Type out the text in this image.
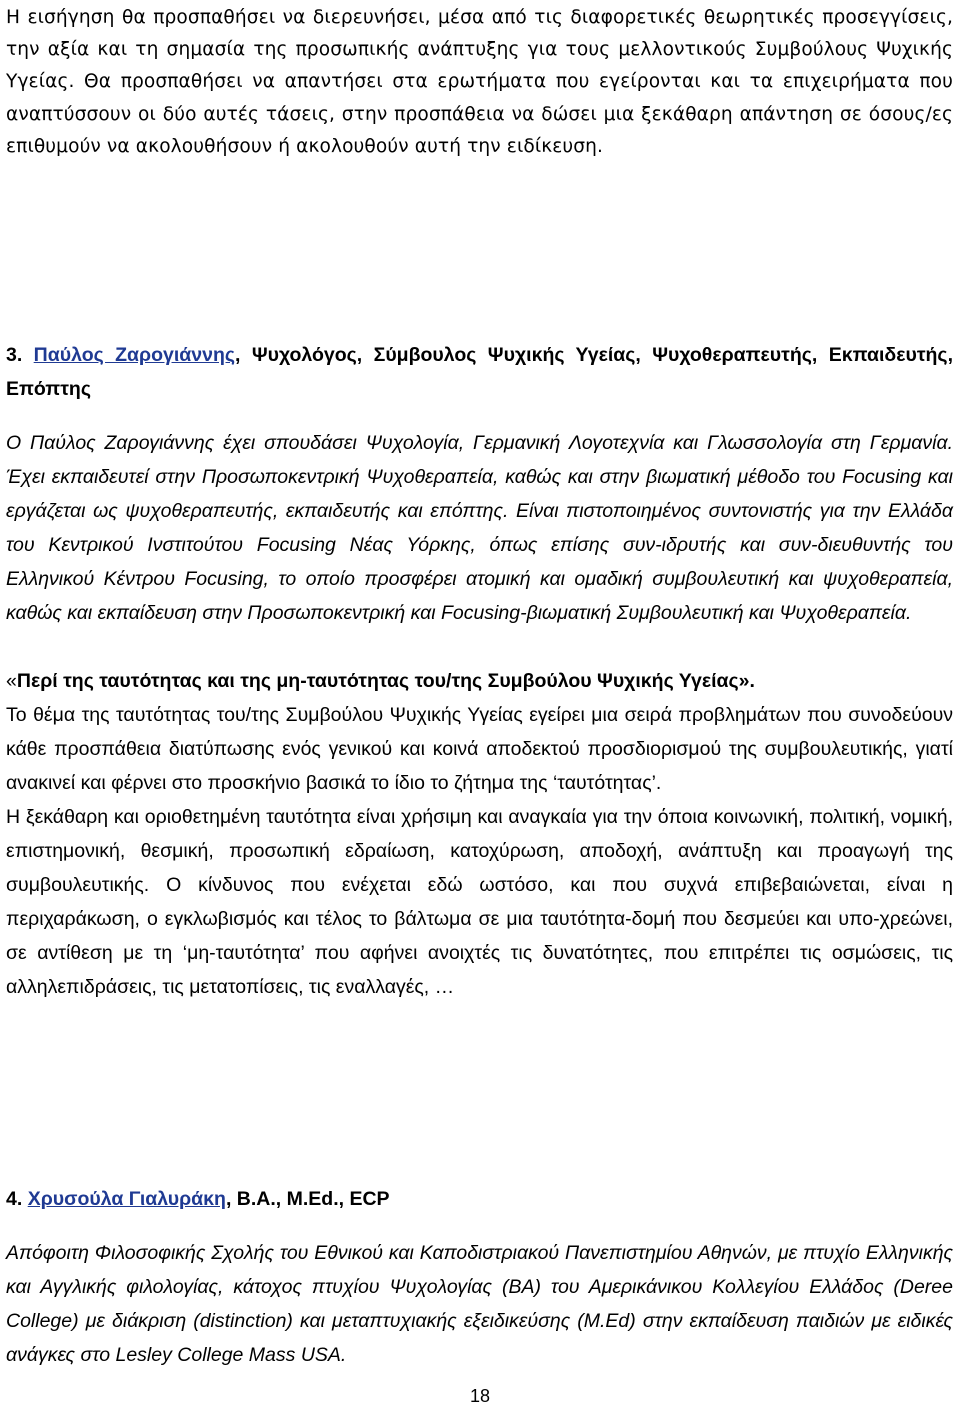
Η εισήγηση θα προσπαθήσει να διερευνήσει, μέσα από τις διαφορετικές θεωρητικές προσεγγίσεις, την αξία και τη σημασία της προσωπικής ανάπτυξης για τους μελλοντικούς Συμβούλους Ψυχικής Υγείας. Θα προσπαθήσει να απαντήσει στα ερωτήματα που εγείρονται και τα επιχειρήματα που αναπτύσσουν οι δύο αυτές τάσεις, στην προσπάθεια να δώσει μια ξεκάθαρη απάντηση σε όσους/ες επιθυμούν να ακολουθήσουν ή ακολουθούν αυτή την ειδίκευση.

3. Παύλος Ζαρογιάννης, Ψυχολόγος, Σύμβουλος Ψυχικής Υγείας, Ψυχοθεραπευτής, Εκπαιδευτής, Επόπτης

Ο Παύλος Ζαρογιάννης έχει σπουδάσει Ψυχολογία, Γερμανική Λογοτεχνία και Γλωσσολογία στη Γερμανία. Έχει εκπαιδευτεί στην Προσωποκεντρική Ψυχοθεραπεία, καθώς και στην βιωματική μέθοδο του Focusing και εργάζεται ως ψυχοθεραπευτής, εκπαιδευτής και επόπτης. Είναι πιστοποιημένος συντονιστής για την Ελλάδα του Κεντρικού Ινστιτούτου Focusing Νέας Υόρκης, όπως επίσης συν-ιδρυτής και συν-διευθυντής του Ελληνικού Κέντρου Focusing, το οποίο προσφέρει ατομική και ομαδική συμβουλευτική και ψυχοθεραπεία, καθώς και εκπαίδευση στην Προσωποκεντρική και Focusing-βιωματική Συμβουλευτική και Ψυχοθεραπεία.

«Περί της ταυτότητας και της μη-ταυτότητας του/της Συμβούλου Ψυχικής Υγείας».

Το θέμα της ταυτότητας του/της Συμβούλου Ψυχικής Υγείας εγείρει μια σειρά προβλημάτων που συνοδεύουν κάθε προσπάθεια διατύπωσης ενός γενικού και κοινά αποδεκτού προσδιορισμού της συμβουλευτικής, γιατί ανακινεί και φέρνει στο προσκήνιο βασικά το ίδιο το ζήτημα της ‘ταυτότητας’.

Η ξεκάθαρη και οριοθετημένη ταυτότητα είναι χρήσιμη και αναγκαία για την όποια κοινωνική, πολιτική, νομική, επιστημονική, θεσμική, προσωπική εδραίωση, κατοχύρωση, αποδοχή, ανάπτυξη και προαγωγή της συμβουλευτικής. Ο κίνδυνος που ενέχεται εδώ ωστόσο, και που συχνά επιβεβαιώνεται, είναι η περιχαράκωση, ο εγκλωβισμός και τέλος το βάλτωμα σε μια ταυτότητα-δομή που δεσμεύει και υπο-χρεώνει, σε αντίθεση με τη ‘μη-ταυτότητα’ που αφήνει ανοιχτές τις δυνατότητες, που επιτρέπει τις οσμώσεις, τις αλληλεπιδράσεις, τις μετατοπίσεις, τις εναλλαγές, …

4. Χρυσούλα Γιαλυράκη, B.A., M.Ed., ECP

Απόφοιτη Φιλοσοφικής Σχολής του Εθνικού και Καποδιστριακού Πανεπιστημίου Αθηνών, με πτυχίο Ελληνικής και Αγγλικής φιλολογίας, κάτοχος πτυχίου Ψυχολογίας (BA) του Αμερικάνικου Κολλεγίου Ελλάδος (Deree College) με διάκριση (distinction) και μεταπτυχιακής εξειδικεύσης (M.Ed) στην εκπαίδευση παιδιών με ειδικές ανάγκες στο Lesley College Mass USA.

18
